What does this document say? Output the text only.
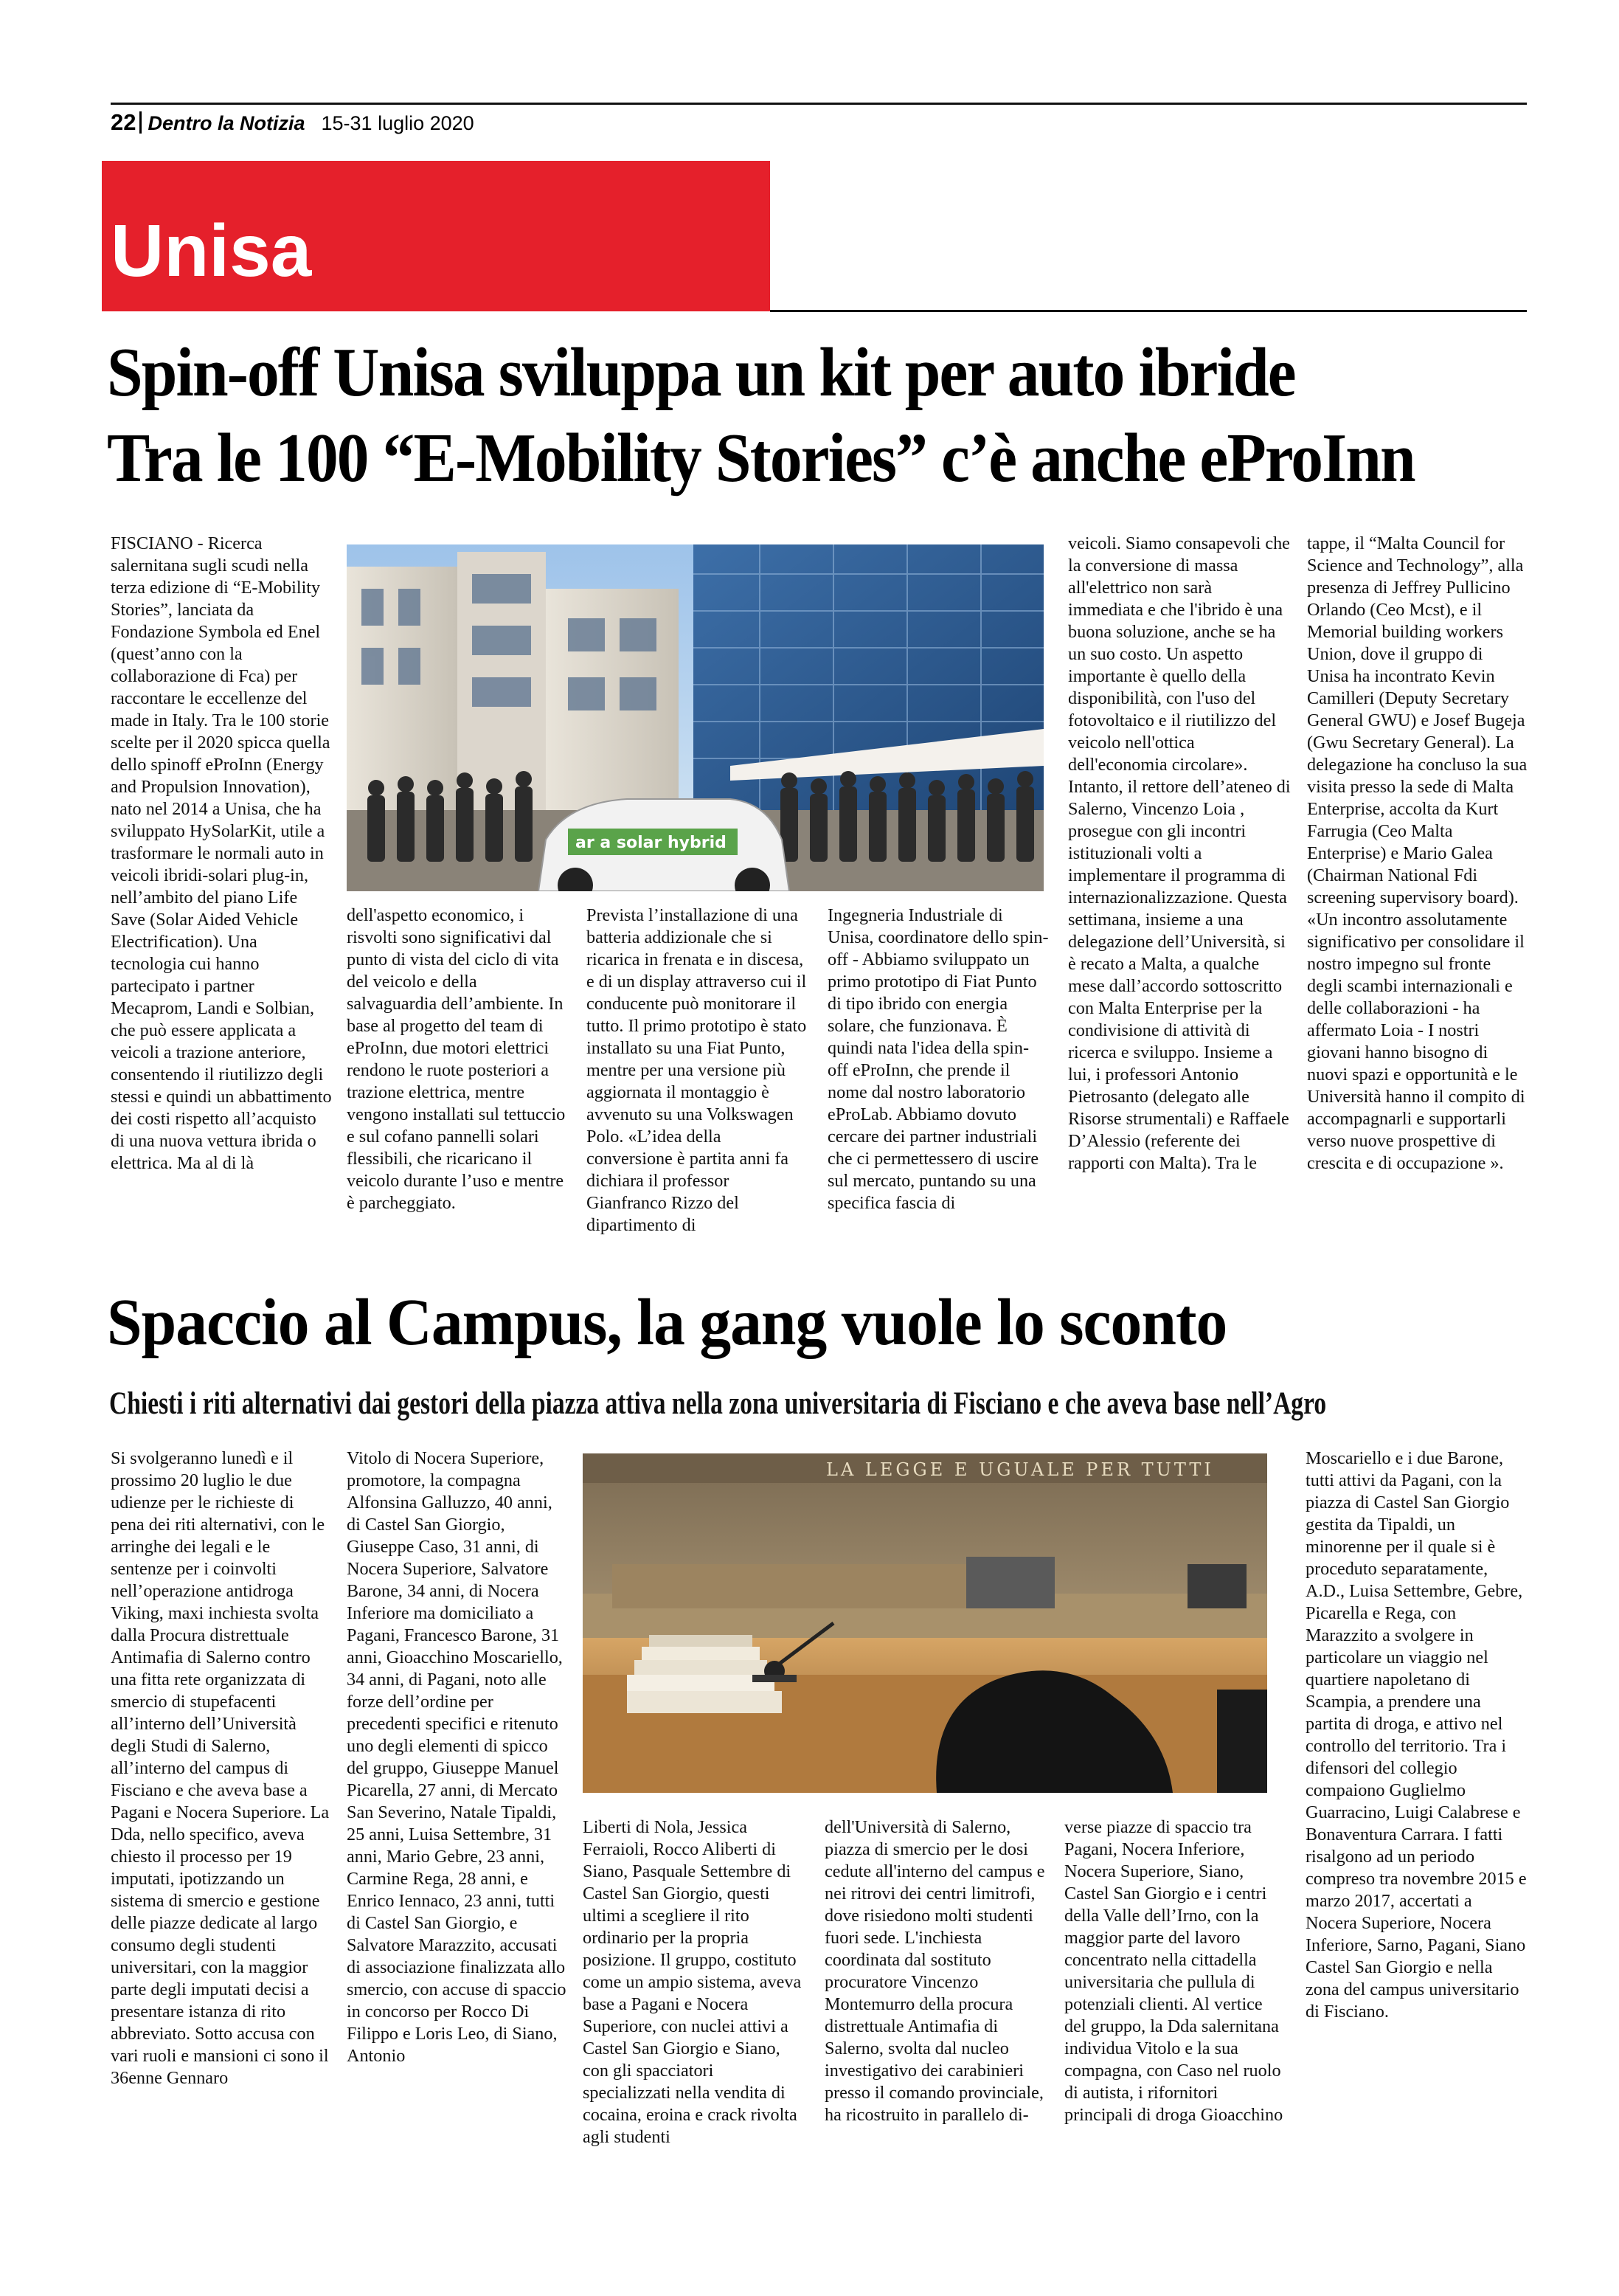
22 Dentro la Notizia 15-31 luglio 2020
Unisa
Spin-off Unisa sviluppa un kit per auto ibride
Tra le 100 “E-Mobility Stories” c’è anche eProInn

FISCIANO - Ricerca salernitana sugli scudi nella terza edizione di “E-Mobility Stories”, lanciata da Fondazione Symbola ed Enel (quest’anno con la collaborazione di Fca) per raccontare le eccellenze del made in Italy. Tra le 100 storie scelte per il 2020 spicca quella dello spinoff eProInn (Energy and Propulsion Innovation), nato nel 2014 a Unisa, che ha sviluppato HySolarKit, utile a trasformare le normali auto in veicoli ibridi-solari plug-in, nell’ambito del piano Life Save (Solar Aided Vehicle Electrification). Una tecnologia cui hanno partecipato i partner Mecaprom, Landi e Solbian, che può essere applicata a veicoli a trazione anteriore, consentendo il riutilizzo degli stessi e quindi un abbattimento dei costi rispetto all’acquisto di una nuova vettura ibrida o elettrica. Ma al di là

ar a solar hybrid

dell'aspetto economico, i risvolti sono significativi dal punto di vista del ciclo di vita del veicolo e della salvaguardia dell’ambiente. In base al progetto del team di eProInn, due motori elettrici rendono le ruote posteriori a trazione elettrica, mentre vengono installati sul tettuccio e sul cofano pannelli solari flessibili, che ricaricano il veicolo durante l’uso e mentre è parcheggiato.

Prevista l’installazione di una batteria addizionale che si ricarica in frenata e in discesa, e di un display attraverso cui il conducente può monitorare il tutto. Il primo prototipo è stato installato su una Fiat Punto, mentre per una versione più aggiornata il montaggio è avvenuto su una Volkswagen Polo. «L’idea della conversione è partita anni fa dichiara il professor Gianfranco Rizzo del dipartimento di

Ingegneria Industriale di Unisa, coordinatore dello spin-off - Abbiamo sviluppato un primo prototipo di Fiat Punto di tipo ibrido con energia solare, che funzionava. È quindi nata l'idea della spin-off eProInn, che prende il nome dal nostro laboratorio eProLab. Abbiamo dovuto cercare dei partner industriali che ci permettessero di uscire sul mercato, puntando su una specifica fascia di

veicoli. Siamo consapevoli che la conversione di massa all'elettrico non sarà immediata e che l'ibrido è una buona soluzione, anche se ha un suo costo. Un aspetto importante è quello della disponibilità, con l'uso del fotovoltaico e il riutilizzo del veicolo nell'ottica dell'economia circolare». Intanto, il rettore dell’ateneo di Salerno, Vincenzo Loia , prosegue con gli incontri istituzionali volti a implementare il programma di internazionalizzazione. Questa settimana, insieme a una delegazione dell’Università, si è recato a Malta, a qualche mese dall’accordo sottoscritto con Malta Enterprise per la condivisione di attività di ricerca e sviluppo. Insieme a lui, i professori Antonio Pietrosanto (delegato alle Risorse strumentali) e Raffaele D’Alessio (referente dei rapporti con Malta). Tra le

tappe, il “Malta Council for Science and Technology”, alla presenza di Jeffrey Pullicino Orlando (Ceo Mcst), e il Memorial building workers Union, dove il gruppo di Unisa ha incontrato Kevin Camilleri (Deputy Secretary General GWU) e Josef Bugeja (Gwu Secretary General). La delegazione ha concluso la sua visita presso la sede di Malta Enterprise, accolta da Kurt Farrugia (Ceo Malta Enterprise) e Mario Galea (Chairman National Fdi screening supervisory board). «Un incontro assolutamente significativo per consolidare il nostro impegno sul fronte degli scambi internazionali e delle collaborazioni - ha affermato Loia - I nostri giovani hanno bisogno di nuovi spazi e opportunità e le Università hanno il compito di accompagnarli e supportarli verso nuove prospettive di crescita e di occupazione ».

Spaccio al Campus, la gang vuole lo sconto
Chiesti i riti alternativi dai gestori della piazza attiva nella zona universitaria di Fisciano e che aveva base nell’Agro

Si svolgeranno lunedì e il prossimo 20 luglio le due udienze per le richieste di pena dei riti alternativi, con le arringhe dei legali e le sentenze per i coinvolti nell’operazione antidroga Viking, maxi inchiesta svolta dalla Procura distrettuale Antimafia di Salerno contro una fitta rete organizzata di smercio di stupefacenti all’interno dell’Università degli Studi di Salerno, all’interno del campus di Fisciano e che aveva base a Pagani e Nocera Superiore. La Dda, nello specifico, aveva chiesto il processo per 19 imputati, ipotizzando un sistema di smercio e gestione delle piazze dedicate al largo consumo degli studenti universitari, con la maggior parte degli imputati decisi a presentare istanza di rito abbreviato. Sotto accusa con vari ruoli e mansioni ci sono il 36enne Gennaro

Vitolo di Nocera Superiore, promotore, la compagna Alfonsina Galluzzo, 40 anni, di Castel San Giorgio, Giuseppe Caso, 31 anni, di Nocera Superiore, Salvatore Barone, 34 anni, di Nocera Inferiore ma domiciliato a Pagani, Francesco Barone, 31 anni, Gioacchino Moscariello, 34 anni, di Pagani, noto alle forze dell’ordine per precedenti specifici e ritenuto uno degli elementi di spicco del gruppo, Giuseppe Manuel Picarella, 27 anni, di Mercato San Severino, Natale Tipaldi, 25 anni, Luisa Settembre, 31 anni, Mario Gebre, 23 anni, Carmine Rega, 28 anni, e Enrico Iennaco, 23 anni, tutti di Castel San Giorgio, e Salvatore Marazzito, accusati di associazione finalizzata allo smercio, con accuse di spaccio in concorso per Rocco Di Filippo e Loris Leo, di Siano, Antonio

LA LEGGE E UGUALE PER TUTTI

Liberti di Nola, Jessica Ferraioli, Rocco Aliberti di Siano, Pasquale Settembre di Castel San Giorgio, questi ultimi a scegliere il rito ordinario per la propria posizione. Il gruppo, costituto come un ampio sistema, aveva base a Pagani e Nocera Superiore, con nuclei attivi a Castel San Giorgio e Siano, con gli spacciatori specializzati nella vendita di cocaina, eroina e crack rivolta agli studenti

dell'Università di Salerno, piazza di smercio per le dosi cedute all'interno del campus e nei ritrovi dei centri limitrofi, dove risiedono molti studenti fuori sede. L'inchiesta coordinata dal sostituto procuratore Vincenzo Montemurro della procura distrettuale Antimafia di Salerno, svolta dal nucleo investigativo dei carabinieri presso il comando provinciale, ha ricostruito in parallelo di-

verse piazze di spaccio tra Pagani, Nocera Inferiore, Nocera Superiore, Siano, Castel San Giorgio e i centri della Valle dell’Irno, con la maggior parte del lavoro concentrato nella cittadella universitaria che pullula di potenziali clienti. Al vertice del gruppo, la Dda salernitana individua Vitolo e la sua compagna, con Caso nel ruolo di autista, i rifornitori principali di droga Gioacchino

Moscariello e i due Barone, tutti attivi da Pagani, con la piazza di Castel San Giorgio gestita da Tipaldi, un minorenne per il quale si è proceduto separatamente, A.D., Luisa Settembre, Gebre, Picarella e Rega, con Marazzito a svolgere in particolare un viaggio nel quartiere napoletano di Scampia, a prendere una partita di droga, e attivo nel controllo del territorio. Tra i difensori del collegio compaiono Guglielmo Guarracino, Luigi Calabrese e Bonaventura Carrara. I fatti risalgono ad un periodo compreso tra novembre 2015 e marzo 2017, accertati a Nocera Superiore, Nocera Inferiore, Sarno, Pagani, Siano Castel San Giorgio e nella zona del campus universitario di Fisciano.
